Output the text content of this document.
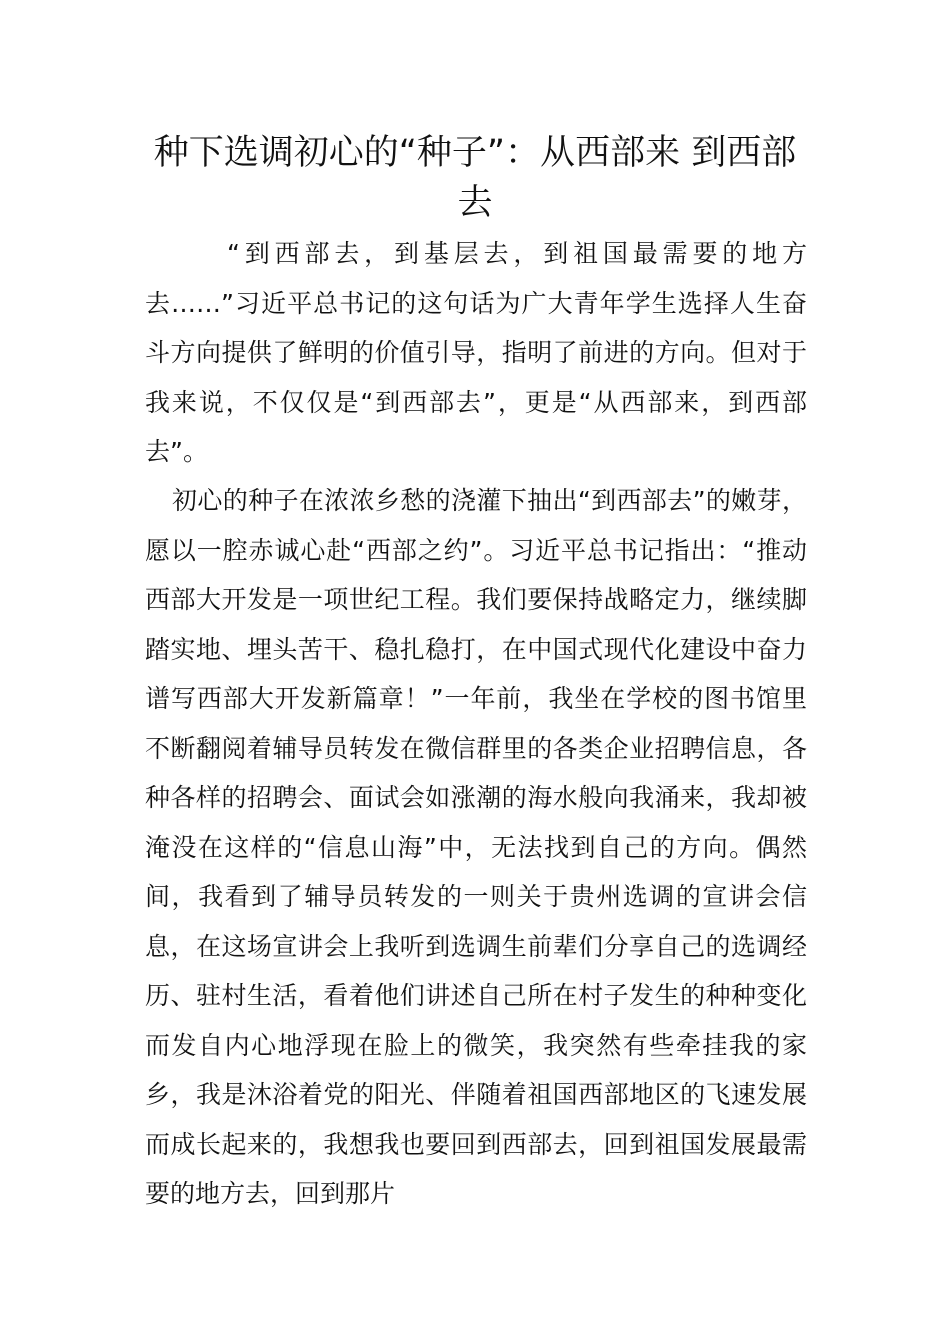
种下选调初心的“种子”：从西部来 到西部去

“到西部去，到基层去，到祖国最需要的地方去……”习近平总书记的这句话为广大青年学生选择人生奋斗方向提供了鲜明的价值引导，指明了前进的方向。但对于我来说，不仅仅是“到西部去”，更是“从西部来，到西部去”。

初心的种子在浓浓乡愁的浇灌下抽出“到西部去”的嫩芽，愿以一腔赤诚心赴“西部之约”。习近平总书记指出：“推动西部大开发是一项世纪工程。我们要保持战略定力，继续脚踏实地、埋头苦干、稳扎稳打，在中国式现代化建设中奋力谱写西部大开发新篇章！”一年前，我坐在学校的图书馆里不断翻阅着辅导员转发在微信群里的各类企业招聘信息，各种各样的招聘会、面试会如涨潮的海水般向我涌来，我却被淹没在这样的“信息山海”中，无法找到自己的方向。偶然间，我看到了辅导员转发的一则关于贵州选调的宣讲会信息，在这场宣讲会上我听到选调生前辈们分享自己的选调经历、驻村生活，看着他们讲述自己所在村子发生的种种变化而发自内心地浮现在脸上的微笑，我突然有些牵挂我的家乡，我是沐浴着党的阳光、伴随着祖国西部地区的飞速发展而成长起来的，我想我也要回到西部去，回到祖国发展最需要的地方去，回到那片
